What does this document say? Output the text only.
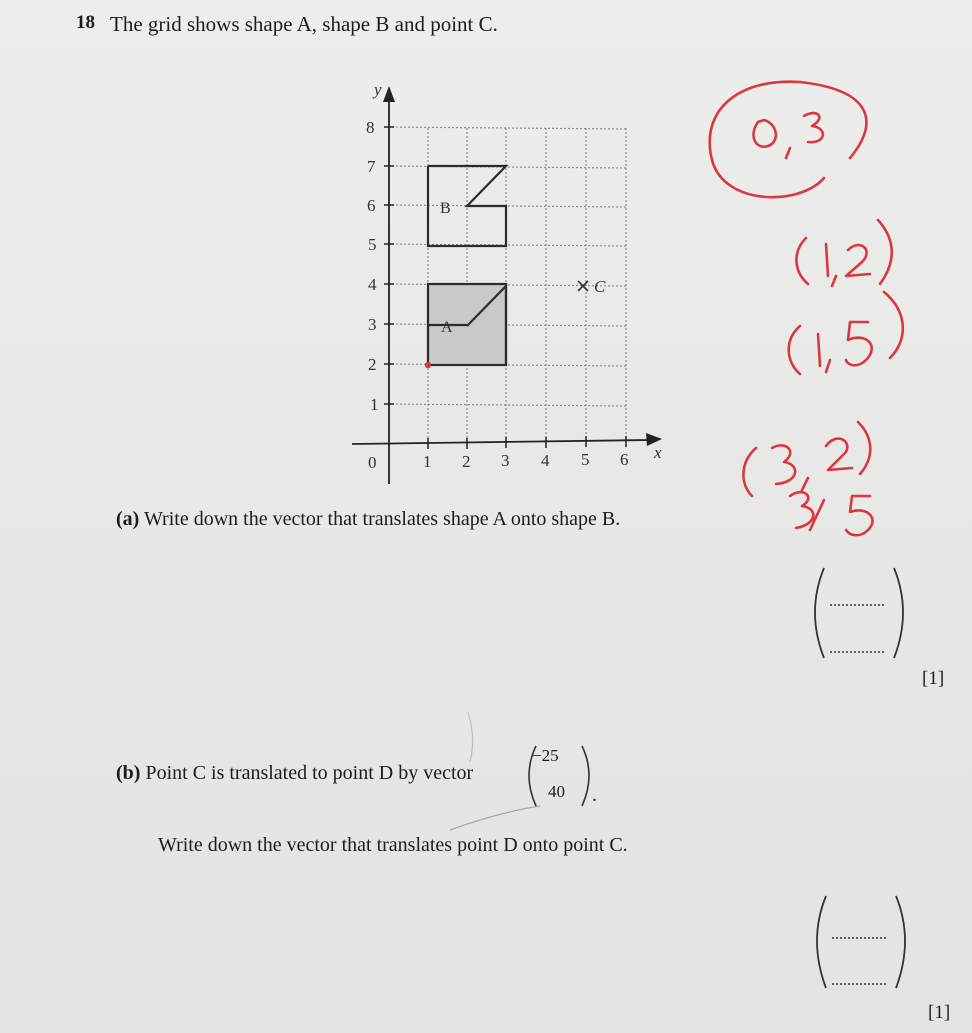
18 The grid shows shape A, shape B and point C.
8
7
6
5
4
3
2
1
0	1 2 3 4 5 6
y
x
A
B
C
(a) Write down the vector that translates shape A onto shape B.
[1]
(b) Point C is translated to point D by vector
−25
40 .
Write down the vector that translates point D onto point C.
[1]
